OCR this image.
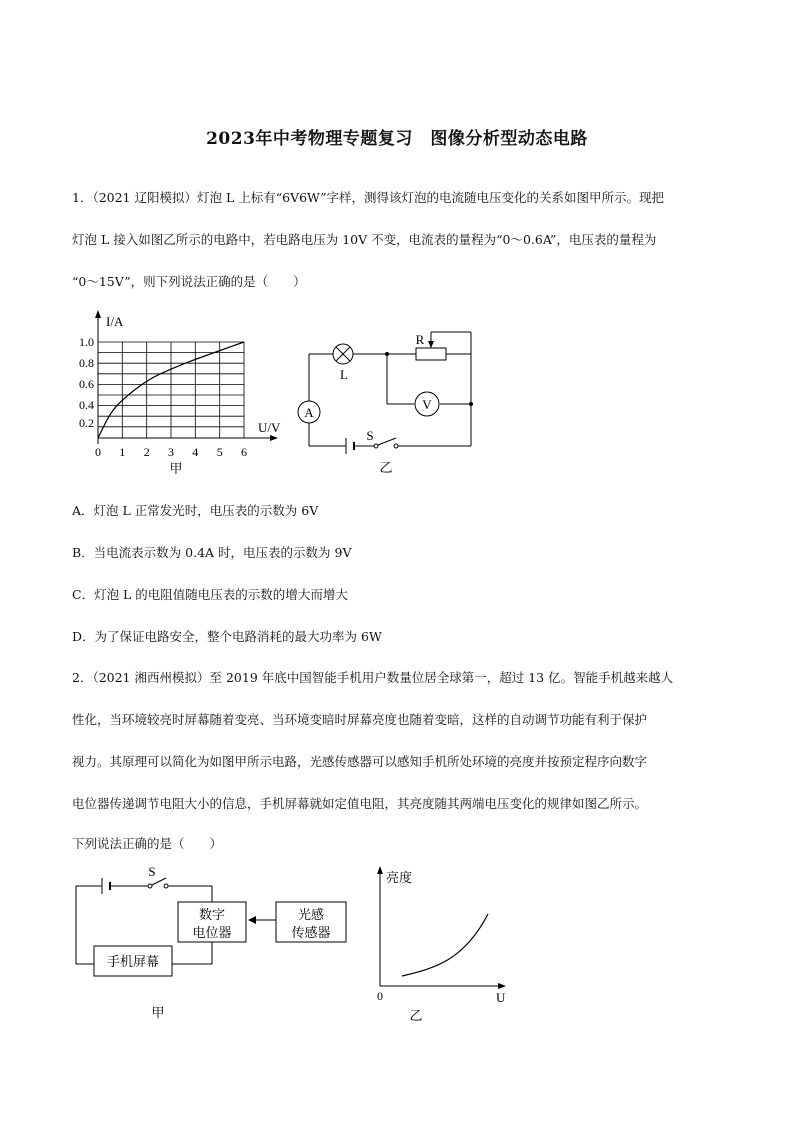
2023年中考物理专题复习　图像分析型动态电路
1．（2021 辽阳模拟）灯泡 L 上标有“6V6W”字样，测得该灯泡的电流随电压变化的关系如图甲所示。现把
灯泡 L 接入如图乙所示的电路中，若电路电压为 10V 不变，电流表的量程为“0～0.6A”，电压表的量程为
“0～15V”，则下列说法正确的是（　　）
I/A
U/V
1.0
0.8
0.6
0.4
0.2
0 1 2 3 4 5 6
甲
R
L
A
V
S
乙
A．灯泡 L 正常发光时，电压表的示数为 6V
B．当电流表示数为 0.4A 时，电压表的示数为 9V
C．灯泡 L 的电阻值随电压表的示数的增大而增大
D．为了保证电路安全，整个电路消耗的最大功率为 6W
2．（2021 湘西州模拟）至 2019 年底中国智能手机用户数量位居全球第一，超过 13 亿。智能手机越来越人
性化，当环境较亮时屏幕随着变亮、当环境变暗时屏幕亮度也随着变暗，这样的自动调节功能有利于保护
视力。其原理可以简化为如图甲所示电路，光感传感器可以感知手机所处环境的亮度并按预定程序向数字
电位器传递调节电阻大小的信息，手机屏幕就如定值电阻，其亮度随其两端电压变化的规律如图乙所示。
下列说法正确的是（　　）
S
数字
电位器
光感
传感器
手机屏幕
甲
亮度
U
0
乙
